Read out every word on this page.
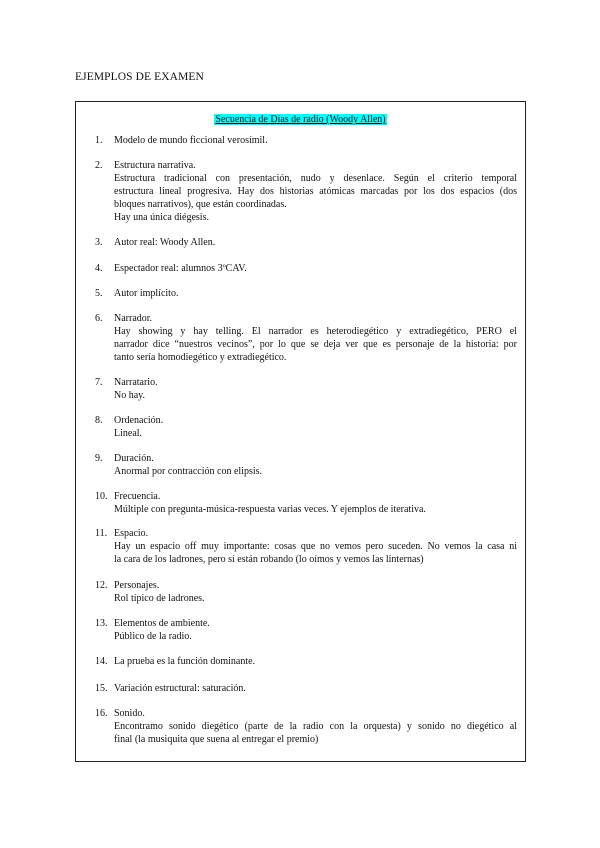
EJEMPLOS DE EXAMEN
Secuencia de Días de radio (Woody Allen)
1. Modelo de mundo ficcional verosímil.
2. Estructura narrativa.
Estructura tradicional con presentación, nudo y desenlace. Según el criterio temporal
estructura lineal progresiva. Hay dos historias atómicas marcadas por los dos espacios (dos
bloques narrativos), que están coordinadas.
Hay una única diégesis.
3. Autor real: Woody Allen.
4. Espectador real: alumnos 3ºCAV.
5. Autor implícito.
6. Narrador.
Hay showing y hay telling. El narrador es heterodiegético y extradiegético, PERO el
narrador dice “nuestros vecinos”, por lo que se deja ver que es personaje de la historia: por
tanto sería homodiegético y extradiegético.
7. Narratario.
No hay.
8. Ordenación.
Lineal.
9. Duración.
Anormal por contracción con elipsis.
10. Frecuencia.
Múltiple con pregunta-música-respuesta varias veces. Y ejemplos de iterativa.
11. Espacio.
Hay un espacio off muy importante: cosas que no vemos pero suceden. No vemos la casa ni
la cara de los ladrones, pero sí están robando (lo oímos y vemos las linternas)
12. Personajes.
Rol típico de ladrones.
13. Elementos de ambiente.
Público de la radio.
14. La prueba es la función dominante.
15. Variación estructural: saturación.
16. Sonido.
Encontramo sonido diegético (parte de la radio con la orquesta) y sonido no diegético al
final (la musiquita que suena al entregar el premio)
